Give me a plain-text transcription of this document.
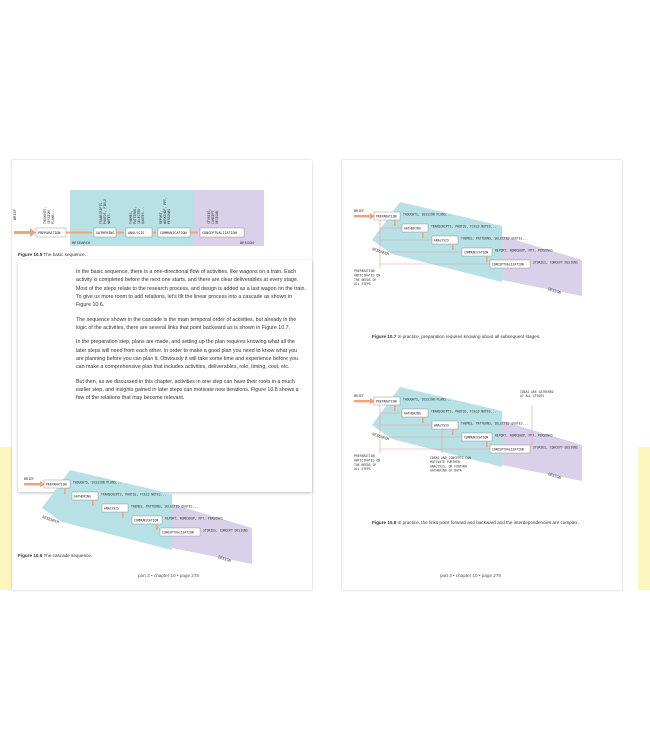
BRIEF
PREPARATION	GATHERING	ANALYSIS	COMMUNICATION	CONCEPTUALIZATION
THOUGHTS, SESSION PLANS...	TRANSCRIPTS, PHOTOS, FIELD NOTES...	THEMES, PATTERNS, SELECTED QUOTES...	REPORT, WORKSHOP, PPT, PERSONAS	STORIES, CONCEPT DESIGNS
RESEARCH	DESIGN
Figure 10.5 The basic sequence.

In the basic sequence, there is a one-directional flow of activities, like wagons on a train. Each activity is completed before the next one starts, and there are clear deliverables at every stage. Most of the steps relate to the research process, and design is added as a last wagon on the train. To give us more room to add relations, let's tilt the linear process into a cascade as shown in Figure 10.6.

The sequence shown in the cascade is the main temporal order of activities, but already in the logic of the activities, there are several links that point backward as is shown in Figure 10.7.

In the preparation step, plans are made, and setting up the plan requires knowing what all the later steps will need from each other. In order to make a good plan you need to know what you are planning before you can plan it. Obviously it will take some time and experience before you can make a comprehensive plan that includes activities, deliverables, role, timing, cost, etc.

But then, as we discussed in this chapter, activities in one step can have their roots in a much earlier step, and insights gained in later steps can motivate new iterations. Figure 10.8 shows a few of the relations that may become relevant.

BRIEF
PREPARATION THOUGHTS, SESSION PLANS...
GATHERING	TRANSCRIPTS, PHOTOS, FIELD NOTES...
ANALYSIS	THEMES, PATTERNS, SELECTED QUOTES...
COMMUNICATION REPORT, WORKSHOP, PPT, PERSONAS
CONCEPTUALIZATION	STORIES, CONCEPT DESIGNS
RESEARCH
DESIGN
Figure 10.6 The cascade sequence.
part 3 • chapter 10 • page 278
BRIEF
PREPARATION THOUGHTS, SESSION PLANS...
GATHERING	TRANSCRIPTS, PHOTOS, FIELD NOTES...
ANALYSIS	THEMES, PATTERNS, SELECTED QUOTES...
COMMUNICATION REPORT, WORKSHOP, PPT, PERSONAS
CONCEPTUALIZATION	STORIES, CONCEPT DESIGNS
RESEARCH
DESIGN
PREPARATION
ANTICIPATES ON
THE NEEDS OF
ALL STEPS
Figure 10.7 In practice, preparation requires knowing about all subsequent stages.
BRIEF
PREPARATION THOUGHTS, SESSION PLANS...
GATHERING	TRANSCRIPTS, PHOTOS, FIELD NOTES...
ANALYSIS	THEMES, PATTERNS, SELECTED QUOTES...
COMMUNICATION REPORT, WORKSHOP, PPT, PERSONAS
CONCEPTUALIZATION	STORIES, CONCEPT DESIGNS
RESEARCH
DESIGN
PREPARATION
ANTICIPATES ON
THE NEEDS OF
ALL STEPS
IDEAS ARE GATHERED
AT ALL STAGES
IDEAS AND CONCEPTS CAN
MOTIVATE FURTHER
ANALYSIS, OR FURTHER
GATHERING OF DATA
Figure 10.8 In practice, the links point forward and backward and the interdependencies are complex.
part 3 • chapter 10 • page 279
